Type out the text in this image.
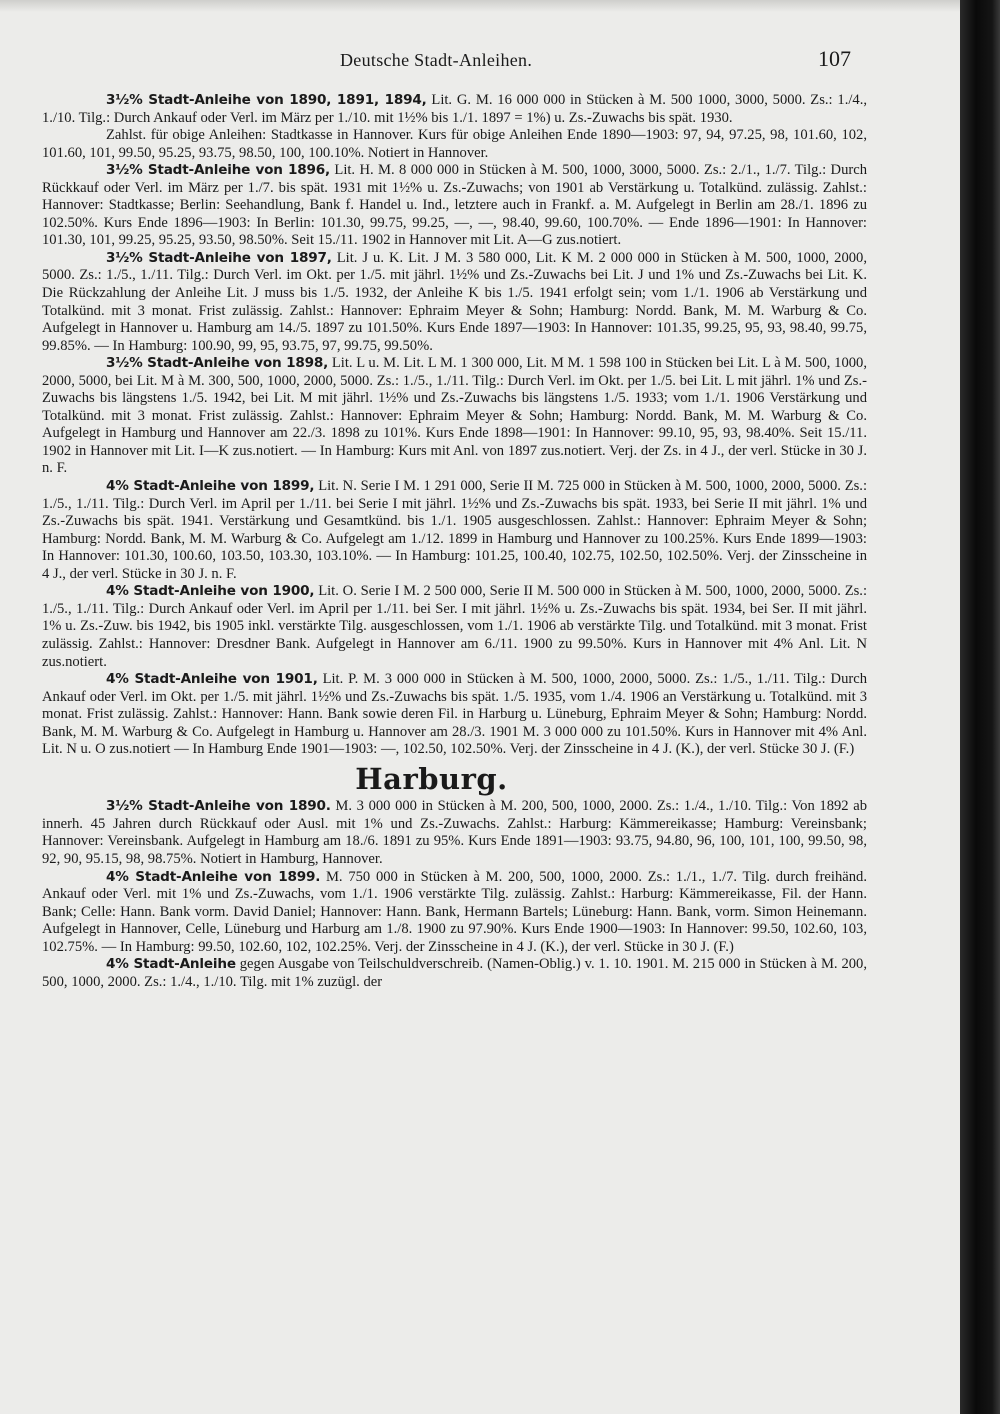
Deutsche Stadt-Anleihen.	107

3½% Stadt-Anleihe von 1890, 1891, 1894, Lit. G. M. 16 000 000 in Stücken à M. 500 1000, 3000, 5000. Zs.: 1./4., 1./10. Tilg.: Durch Ankauf oder Verl. im März per 1./10. mit 1½% bis 1./1. 1897 = 1%) u. Zs.-Zuwachs bis spät. 1930.

Zahlst. für obige Anleihen: Stadtkasse in Hannover. Kurs für obige Anleihen Ende 1890—1903: 97, 94, 97.25, 98, 101.60, 102, 101.60, 101, 99.50, 95.25, 93.75, 98.50, 100, 100.10%. Notiert in Hannover.

3½% Stadt-Anleihe von 1896, Lit. H. M. 8 000 000 in Stücken à M. 500, 1000, 3000, 5000. Zs.: 2./1., 1./7. Tilg.: Durch Rückkauf oder Verl. im März per 1./7. bis spät. 1931 mit 1½% u. Zs.-Zuwachs; von 1901 ab Verstärkung u. Totalkünd. zulässig. Zahlst.: Hannover: Stadtkasse; Berlin: Seehandlung, Bank f. Handel u. Ind., letztere auch in Frankf. a. M. Aufgelegt in Berlin am 28./1. 1896 zu 102.50%. Kurs Ende 1896—1903: In Berlin: 101.30, 99.75, 99.25, —, —, 98.40, 99.60, 100.70%. — Ende 1896—1901: In Hannover: 101.30, 101, 99.25, 95.25, 93.50, 98.50%. Seit 15./11. 1902 in Hannover mit Lit. A—G zus.notiert.

3½% Stadt-Anleihe von 1897, Lit. J u. K. Lit. J M. 3 580 000, Lit. K M. 2 000 000 in Stücken à M. 500, 1000, 2000, 5000. Zs.: 1./5., 1./11. Tilg.: Durch Verl. im Okt. per 1./5. mit jährl. 1½% und Zs.-Zuwachs bei Lit. J und 1% und Zs.-Zuwachs bei Lit. K. Die Rückzahlung der Anleihe Lit. J muss bis 1./5. 1932, der Anleihe K bis 1./5. 1941 erfolgt sein; vom 1./1. 1906 ab Verstärkung und Totalkünd. mit 3 monat. Frist zulässig. Zahlst.: Hannover: Ephraim Meyer & Sohn; Hamburg: Nordd. Bank, M. M. Warburg & Co. Aufgelegt in Hannover u. Hamburg am 14./5. 1897 zu 101.50%. Kurs Ende 1897—1903: In Hannover: 101.35, 99.25, 95, 93, 98.40, 99.75, 99.85%. — In Hamburg: 100.90, 99, 95, 93.75, 97, 99.75, 99.50%.

3½% Stadt-Anleihe von 1898, Lit. L u. M. Lit. L M. 1 300 000, Lit. M M. 1 598 100 in Stücken bei Lit. L à M. 500, 1000, 2000, 5000, bei Lit. M à M. 300, 500, 1000, 2000, 5000. Zs.: 1./5., 1./11. Tilg.: Durch Verl. im Okt. per 1./5. bei Lit. L mit jährl. 1% und Zs.-Zuwachs bis längstens 1./5. 1942, bei Lit. M mit jährl. 1½% und Zs.-Zuwachs bis längstens 1./5. 1933; vom 1./1. 1906 Verstärkung und Totalkünd. mit 3 monat. Frist zulässig. Zahlst.: Hannover: Ephraim Meyer & Sohn; Hamburg: Nordd. Bank, M. M. Warburg & Co. Aufgelegt in Hamburg und Hannover am 22./3. 1898 zu 101%. Kurs Ende 1898—1901: In Hannover: 99.10, 95, 93, 98.40%. Seit 15./11. 1902 in Hannover mit Lit. I—K zus.notiert. — In Hamburg: Kurs mit Anl. von 1897 zus.notiert. Verj. der Zs. in 4 J., der verl. Stücke in 30 J. n. F.

4% Stadt-Anleihe von 1899, Lit. N. Serie I M. 1 291 000, Serie II M. 725 000 in Stücken à M. 500, 1000, 2000, 5000. Zs.: 1./5., 1./11. Tilg.: Durch Verl. im April per 1./11. bei Serie I mit jährl. 1½% und Zs.-Zuwachs bis spät. 1933, bei Serie II mit jährl. 1% und Zs.-Zuwachs bis spät. 1941. Verstärkung und Gesamtkünd. bis 1./1. 1905 ausgeschlossen. Zahlst.: Hannover: Ephraim Meyer & Sohn; Hamburg: Nordd. Bank, M. M. Warburg & Co. Aufgelegt am 1./12. 1899 in Hamburg und Hannover zu 100.25%. Kurs Ende 1899—1903: In Hannover: 101.30, 100.60, 103.50, 103.30, 103.10%. — In Hamburg: 101.25, 100.40, 102.75, 102.50, 102.50%. Verj. der Zinsscheine in 4 J., der verl. Stücke in 30 J. n. F.

4% Stadt-Anleihe von 1900, Lit. O. Serie I M. 2 500 000, Serie II M. 500 000 in Stücken à M. 500, 1000, 2000, 5000. Zs.: 1./5., 1./11. Tilg.: Durch Ankauf oder Verl. im April per 1./11. bei Ser. I mit jährl. 1½% u. Zs.-Zuwachs bis spät. 1934, bei Ser. II mit jährl. 1% u. Zs.-Zuw. bis 1942, bis 1905 inkl. verstärkte Tilg. ausgeschlossen, vom 1./1. 1906 ab verstärkte Tilg. und Totalkünd. mit 3 monat. Frist zulässig. Zahlst.: Hannover: Dresdner Bank. Aufgelegt in Hannover am 6./11. 1900 zu 99.50%. Kurs in Hannover mit 4% Anl. Lit. N zus.notiert.

4% Stadt-Anleihe von 1901, Lit. P. M. 3 000 000 in Stücken à M. 500, 1000, 2000, 5000. Zs.: 1./5., 1./11. Tilg.: Durch Ankauf oder Verl. im Okt. per 1./5. mit jährl. 1½% und Zs.-Zuwachs bis spät. 1./5. 1935, vom 1./4. 1906 an Verstärkung u. Totalkünd. mit 3 monat. Frist zulässig. Zahlst.: Hannover: Hann. Bank sowie deren Fil. in Harburg u. Lüneburg, Ephraim Meyer & Sohn; Hamburg: Nordd. Bank, M. M. Warburg & Co. Aufgelegt in Hamburg u. Hannover am 28./3. 1901 M. 3 000 000 zu 101.50%. Kurs in Hannover mit 4% Anl. Lit. N u. O zus.notiert — In Hamburg Ende 1901—1903: —, 102.50, 102.50%. Verj. der Zinsscheine in 4 J. (K.), der verl. Stücke 30 J. (F.)

Harburg.

3½% Stadt-Anleihe von 1890. M. 3 000 000 in Stücken à M. 200, 500, 1000, 2000. Zs.: 1./4., 1./10. Tilg.: Von 1892 ab innerh. 45 Jahren durch Rückkauf oder Ausl. mit 1% und Zs.-Zuwachs. Zahlst.: Harburg: Kämmereikasse; Hamburg: Vereinsbank; Hannover: Vereinsbank. Aufgelegt in Hamburg am 18./6. 1891 zu 95%. Kurs Ende 1891—1903: 93.75, 94.80, 96, 100, 101, 100, 99.50, 98, 92, 90, 95.15, 98, 98.75%. Notiert in Hamburg, Hannover.

4% Stadt-Anleihe von 1899. M. 750 000 in Stücken à M. 200, 500, 1000, 2000. Zs.: 1./1., 1./7. Tilg. durch freihänd. Ankauf oder Verl. mit 1% und Zs.-Zuwachs, vom 1./1. 1906 verstärkte Tilg. zulässig. Zahlst.: Harburg: Kämmereikasse, Fil. der Hann. Bank; Celle: Hann. Bank vorm. David Daniel; Hannover: Hann. Bank, Hermann Bartels; Lüneburg: Hann. Bank, vorm. Simon Heinemann. Aufgelegt in Hannover, Celle, Lüneburg und Harburg am 1./8. 1900 zu 97.90%. Kurs Ende 1900—1903: In Hannover: 99.50, 102.60, 103, 102.75%. — In Hamburg: 99.50, 102.60, 102, 102.25%. Verj. der Zinsscheine in 4 J. (K.), der verl. Stücke in 30 J. (F.)

4% Stadt-Anleihe gegen Ausgabe von Teilschuldverschreib. (Namen-Oblig.) v. 1. 10. 1901. M. 215 000 in Stücken à M. 200, 500, 1000, 2000. Zs.: 1./4., 1./10. Tilg. mit 1% zuzügl. der
